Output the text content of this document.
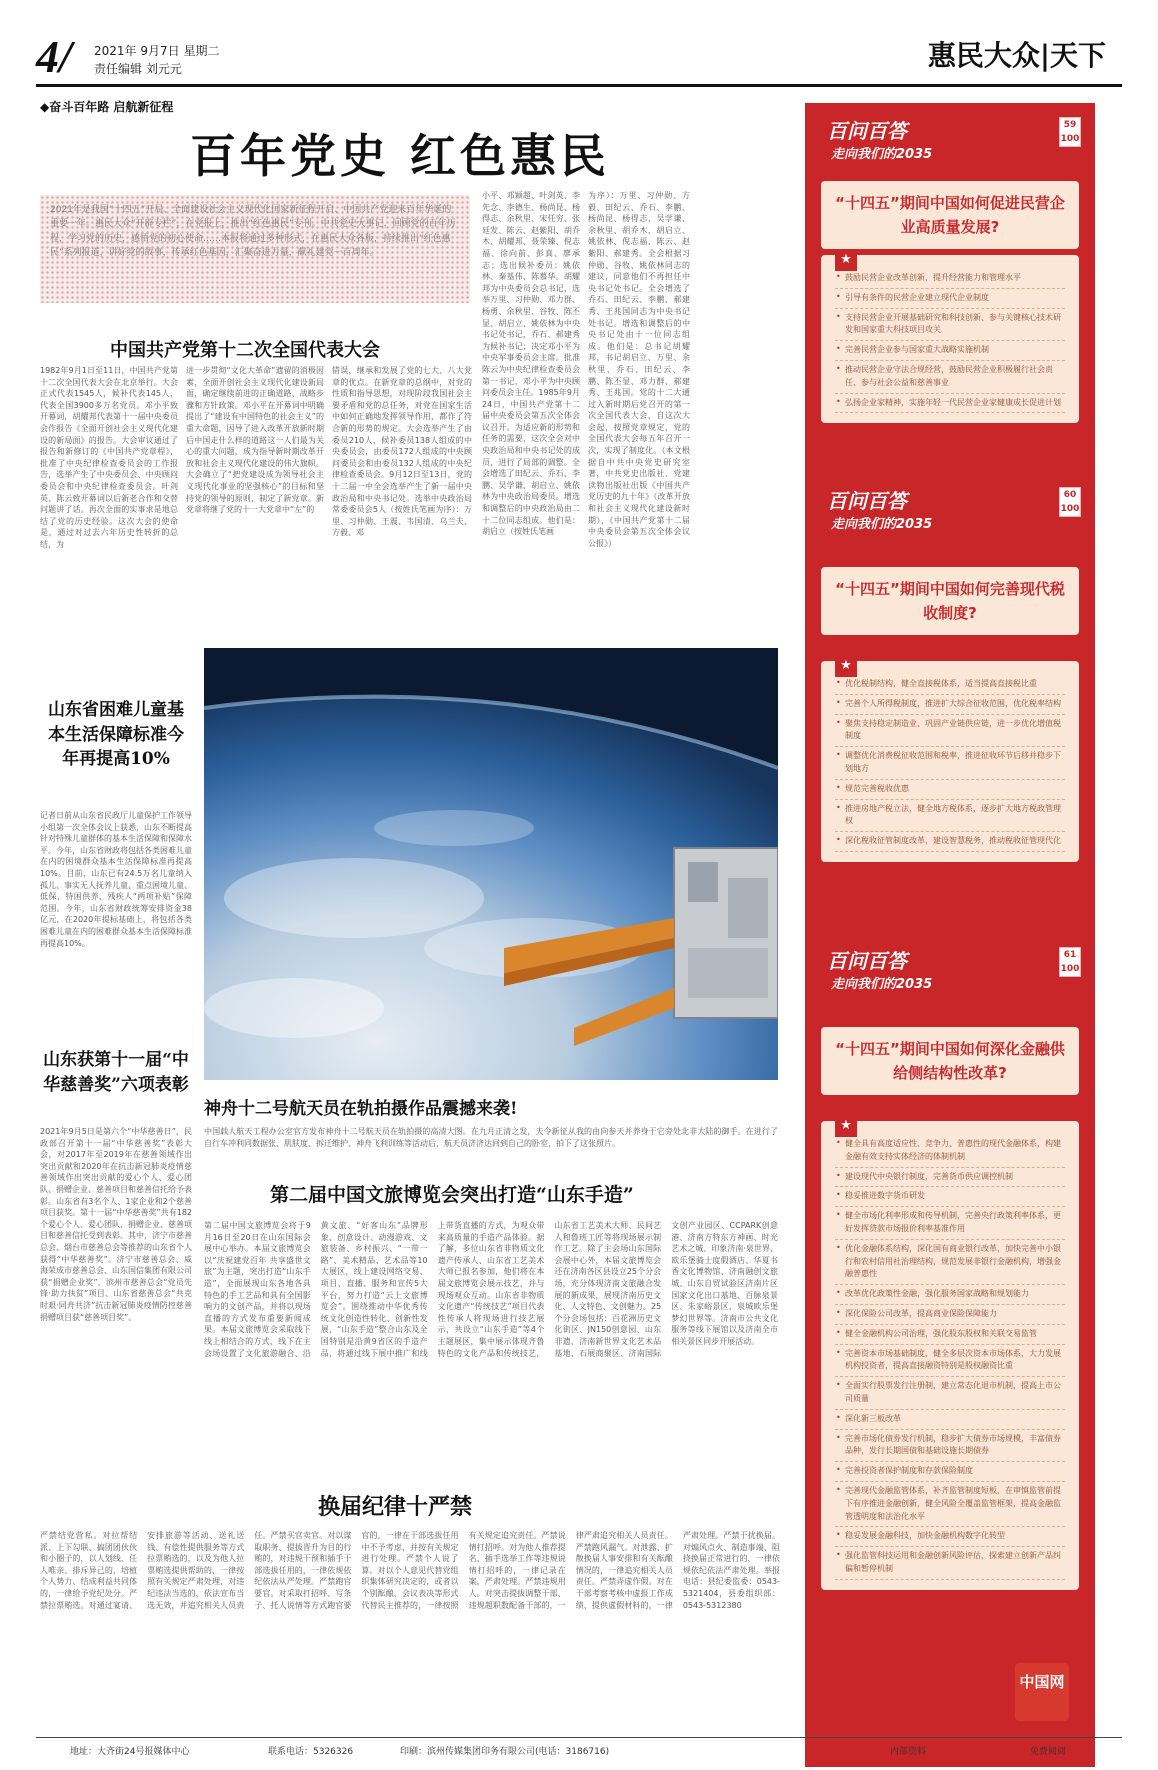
4/ 2021年 9月7日 星期二
责任编辑 刘元元	惠民大众|天下
◆奋斗百年路 启航新征程
百年党史 红色惠民
2021年是我国“十四五”开局、全面建设社会主义现代化国家新征程开启、中国共产党迎来百年华诞的重要一年。惠民大众“开辟专栏”，在党报上，推出“红色惠民”专刊。中共党史大事记，回顾党的百年历程，学习党的历史，感悟党的初心使命……本报将通过多种形式，在惠民大众各版，持续推出“红色惠民”系列报道，讲好党的故事，传承红色基因，汇聚奋进力量，献礼建党一百周年。
小平、邓颖超、叶剑英、李先念、李德生、杨尚昆、杨得志、余秋里、宋任穷、张廷发、陈云、赵紫阳、胡乔木、胡耀邦、聂荣臻、倪志福、徐向前、彭真、廖承志；选出候补委员：姚依林、秦基伟、陈慕华。胡耀邦为中央委员会总书记，选举万里、习仲勋、邓力群、杨勇、余秋里、谷牧、陈丕显、胡启立、姚依林为中央书记处书记，乔石、郝建秀为候补书记；决定邓小平为中央军事委员会主席。批准陈云为中央纪律检查委员会第一书记，邓小平为中央顾问委员会主任。1985年9月24日，中国共产党第十二届中央委员会第五次全体会议召开。为适应新的形势和任务的需要，这次全会对中央政治局和中央书记处的成员，进行了局部的调整。全会增选了田纪云、乔石、李鹏、吴学谦、胡启立、姚依林为中央政治局委员。增选和调整后的中央政治局由二十二位同志组成。他们是：胡启立（按姓氏笔画
为序）：万里、习仲勋、方毅、田纪云、乔石、李鹏、杨尚昆、杨得志、吴学谦、余秋里、胡乔木、胡启立、姚依林、倪志福、陈云、赵紫阳、郝建秀。全会根据习仲勋、谷牧、姚依林同志的建议，同意他们不再担任中央书记处书记。全会增选了乔石、田纪云、李鹏、郝建秀、王兆国同志为中央书记处书记。增选和调整后的中央书记处由十一位同志组成。他们是：总书记胡耀邦，书记胡启立、万里、余秋里、乔石、田纪云、李鹏、陈丕显、邓力群、郝建秀、王兆国。党的十二大通过入新时期后党召开的第一次全国代表大会，自这次大会起，按照党章规定，党的全国代表大会每五年召开一次，实现了制度化。（本文根据自中共中央党史研究室著，中共党史出版社、党建读物出版社出版《中国共产党历史的九十年》（改革开放和社会主义现代化建设新时期），《中国共产党第十二届中央委员会第五次全体会议公报》）
中国共产党第十二次全国代表大会
1982年9月1日至11日，中国共产党第十二次全国代表大会在北京举行。大会正式代表1545人，候补代表145人，代表全国3900多万名党员。邓小平致开幕词，胡耀邦代表第十一届中央委员会作报告《全面开创社会主义现代化建设的新局面》的报告。大会审议通过了报告和新修订的《中国共产党章程》，批准了中央纪律检查委员会的工作报告，选举产生了中央委员会、中央顾问委员会和中央纪律检查委员会。叶剑英、陈云致开幕词以后新老合作和交替问题讲了话。再次全面的实事求是地总结了党的历史经验。这次大会的使命是，通过对过去六年历史性转折的总结，为
进一步贯彻“文化大革命”遗留的消极因素，全面开创社会主义现代化建设新局面，确定继续前进的正确道路、战略步骤和方针政策。邓小平在开幕词中明确提出了“建设有中国特色的社会主义”的重大命题，因导了进入改革开放新时期后中国走什么样的道路这一人们最为关心的重大问题，成为指导新时期改革开放和社会主义现代化建设的伟大旗帜。大会确立了“把党建设成为领导社会主义现代化事业的坚强核心”的目标和坚持党的领导的原则，制定了新党章。新党章将继了党的十一大党章中“左”的
错误，继承和发展了党的七大、八大党章的优点。在新党章的总纲中，对党的性质和指导思想，对现阶段我国社会主要矛盾和党的总任务，对党在国家生活中如何正确地发挥领导作用，都作了符合新的形势的规定。大会选举产生了由委员210人，候补委员138人组成的中央委员会，由委员172人组成的中央顾问委员会和由委员132人组成的中央纪律检查委员会。9月12日至13日，党的十二届一中全会选举产生了新一届中央政治局和中央书记处。选举中央政治局常委委员会5人（按姓氏笔画为序）：万里、习仲勋、王震、韦国清、乌兰夫、方毅、邓
山东省困难儿童基本生活保障标准今年再提高10%
记者日前从山东省民政厅儿童保护工作领导小组第一次全体会议上获悉，山东不断提高针对特殊儿童群体的基本生活保障和保障水平。今年，山东省财政将包括各类困难儿童在内的困境群众基本生活保障标准再提高10%。目前，山东已有24.5万名儿童纳入孤儿、事实无人抚养儿童、重点困境儿童、低保、特困供养、残疾人“两项补贴”保障范围。今年，山东省财政统筹安排资金38亿元，在2020年提标基础上，将包括各类困难儿童在内的困难群众基本生活保障标准再提高10%。
山东获第十一届“中华慈善奖”六项表彰
2021年9月5日是第六个“中华慈善日”，民政部召开第十一届“中华慈善奖”表彰大会，对2017年至2019年在慈善领域作出突出贡献和2020年在抗击新冠肺炎疫情慈善领域作出突出贡献的爱心个人、爱心团队、捐赠企业、慈善项目和慈善信托给予表彰。山东省有3名个人、1家企业和2个慈善项目获奖。第十一届“中华慈善奖”共有182个爱心个人、爱心团队、捐赠企业、慈善项目和慈善信托受到表彰。其中，济宁市慈善总会、烟台市慈善总会等推荐的山东省个人获得“中华慈善奖”。济宁市慈善总会、威海荣成市慈善总会、山东国信集团有限公司获“捐赠企业奖”，滨州市慈善总会“党员先锋·助力扶贫”项目、山东省慈善总会“共克时艰·同舟共济”抗击新冠肺炎疫情防控慈善捐赠项目获“慈善项目奖”。
神舟十二号航天员在轨拍摄作品震撼来袭!
中国载人航天工程办公室官方发布神舟十二号航天员在轨拍摄的高清大图。在九月正清之发，夫令新征从我的由向参天并养身于它旁处北非大陆的御手。在进行了自行车冲利同数据张、肌肤度、拆迁维护、神舟飞利训练等活动后，航天员济济达回到自己的卧室，拍下了这张照片。
第二届中国文旅博览会突出打造“山东手造”
第二届中国文旅博览会将于9月16日至20日在山东国际会展中心举办。本届文旅博览会以“庆祝建党百年 共享盛世文旅”为主题，突出打造“山东手造”，全面展现山东各地各具特色的手工艺品和具有全国影响力的文创产品，并将以现场直播的方式发布重要新闻成果。本届文旅博览会采取线下线上相结合的方式，线下在主会场设置了文化旅游融合、沿黄文旅、“好客山东”品牌形象、创意设计、动漫游戏、文旅装备、乡村振兴、“一带一路”、美术精品、艺术品等10大展区，线上建设网络交易、项目、直播、服务和宣传5大平台，努力打造“云上文旅博览会”。围绕推动中华优秀传统文化创造性转化、创新性发展，“山东手造”整合山东及全国特别是沿黄9省区的手造产品，将通过线下展中推广和线上带货直播的方式，为观众带来高质量的手造产品体验。据了解，多位山东省非物质文化遗产传承人、山东省工艺美术大师已报名参加，他们将在本届文旅博览会展示技艺，并与现场观众互动。山东省非物质文化遗产“传统技艺”项目代表性传承人将现场进行技艺展示，共设立“山东手造”等4个主题展区，集中展示体现齐鲁特色的文化产品和传统技艺，山东省工艺美术大师、民间艺人和鲁班工匠等将现场展示制作工艺。除了主会场山东国际会展中心外，本届文旅博览会还在济南各区县设立25个分会场，充分体现济南文旅融合发展的新成果，展现济南历史文化、人文特色、文创魅力。25个分会场包括：百花洲历史文化街区、JN150创意园、山东非遗、济南新世界文化艺术品基地、石展商聚区、济南国际文创产业园区、CCPARK创意港、济南方特东方神画、时光艺术之城、印象济南·泉世界、欧乐堡骑士度假酒店、华夏书香文化博物馆、济南融创文旅城、山东自贸试验区济南片区国家文化出口基地、百脉泉景区、朱家峪景区、泉城欧乐堡梦幻世界等。济南市公共文化服务等线下展馆以及济南全市相关景区同步开展活动。
换届纪律十严禁
严禁结党营私。对拉帮结派、上下勾联、搞团团伙伙和小圈子的，以人划线、任人唯亲、排斥异己的，培植个人势力、结成利益共同体的，一律给予党纪处分。严禁拉票贿选。对通过宴请、安排旅游等活动、送礼送钱、有偿性提供服务等方式拉票贿选的，以及为他人拉票贿选提供帮助的，一律按照有关规定严肃处理，对违纪违法当选的，依法宣布当选无效，并追究相关人员责任。严禁买官卖官。对以谋取职务、提拔晋升为目的行贿的，对违规干预和插手干部选拔任用的，一律依规依纪依法从严处理。严禁跑官要官。对采取打招呼、写条子、托人说情等方式跑官要官的，一律在干部选拔任用中不予考虑，并按有关规定进行处理。严禁个人说了算。对以个人意见代替党组织集体研究决定的，或者以个别酝酿、会议表决等形式代替民主推荐的，一律按照有关规定追究责任。严禁说情打招呼。对为他人推荐提名、插手选举工作等违规说情打招呼的，一律记录在案，严肃处理。严禁违规用人。对突击提拔调整干部、违规超职数配备干部的，一律严肃追究相关人员责任。严禁跑风漏气。对泄露、扩散换届人事安排和有关酝酿情况的，一律追究相关人员责任。严禁弄虚作假。对在干部考察考核中虚报工作成绩、提供虚假材料的，一律严肃处理。严禁干扰换届。对煽风点火、制造事端、阻挠换届正常进行的，一律依规依纪依法严肃处理。举报电话：县纪委监委：0543-5321404，县委组织部：0543-5312380
百问百答
走向我们的2035
59
100
“十四五”期间中国如何促进民营企业高质量发展?
★
• 鼓励民营企业改革创新，提升经营能力和管理水平
• 引导有条件的民营企业建立现代企业制度
• 支持民营企业开展基础研究和科技创新、参与关键核心技术研发和国家重大科技项目攻关
• 完善民营企业参与国家重大战略实施机制
• 推动民营企业守法合规经营，鼓励民营企业积极履行社会责任、参与社会公益和慈善事业
• 弘扬企业家精神，实施年轻一代民营企业家健康成长促进计划
百问百答
走向我们的2035
60
100
“十四五”期间中国如何完善现代税收制度?
★
• 优化税制结构，健全直接税体系，适当提高直接税比重
• 完善个人所得税制度，推进扩大综合征收范围，优化税率结构
• 聚焦支持稳定制造业、巩固产业链供应链，进一步优化增值税制度
• 调整优化消费税征收范围和税率，推进征收环节后移并稳步下划地方
• 规范完善税收优惠
• 推进房地产税立法，健全地方税体系，逐步扩大地方税政管理权
• 深化税收征管制度改革，建设智慧税务，推动税收征管现代化
百问百答
走向我们的2035
61
100
“十四五”期间中国如何深化金融供给侧结构性改革?
★
• 健全具有高度适应性、竞争力、普惠性的现代金融体系，构建金融有效支持实体经济的体制机制
• 建设现代中央银行制度，完善货币供应调控机制
• 稳妥推进数字货币研发
• 健全市场化利率形成和传导机制，完善央行政策利率体系，更好发挥贷款市场报价利率基准作用
• 优化金融体系结构，深化国有商业银行改革，加快完善中小银行和农村信用社治理结构，规范发展非银行金融机构，增强金融普惠性
• 改革优化政策性金融，强化服务国家战略和规划能力
• 深化保险公司改革，提高商业保险保障能力
• 健全金融机构公司治理，强化股东股权和关联交易监管
• 完善资本市场基础制度，健全多层次资本市场体系，大力发展机构投资者，提高直接融资特别是股权融资比重
• 全面实行股票发行注册制，建立常态化退市机制，提高上市公司质量
• 深化新三板改革
• 完善市场化债券发行机制，稳步扩大债券市场规模，丰富债券品种，发行长期国债和基础设施长期债券
• 完善投资者保护制度和存款保险制度
• 完善现代金融监管体系，补齐监管制度短板，在审慎监管前提下有序推进金融创新，健全风险全覆盖监管框架，提高金融监管透明度和法治化水平
• 稳妥发展金融科技，加快金融机构数字化转型
• 强化监管科技运用和金融创新风险评估，探索建立创新产品纠偏和暂停机制
中国网
地址：大齐街24号报媒体中心	联系电话：5326326	印刷：滨州传媒集团印务有限公司(电话：3186716)	内部资料	免费阅阅
